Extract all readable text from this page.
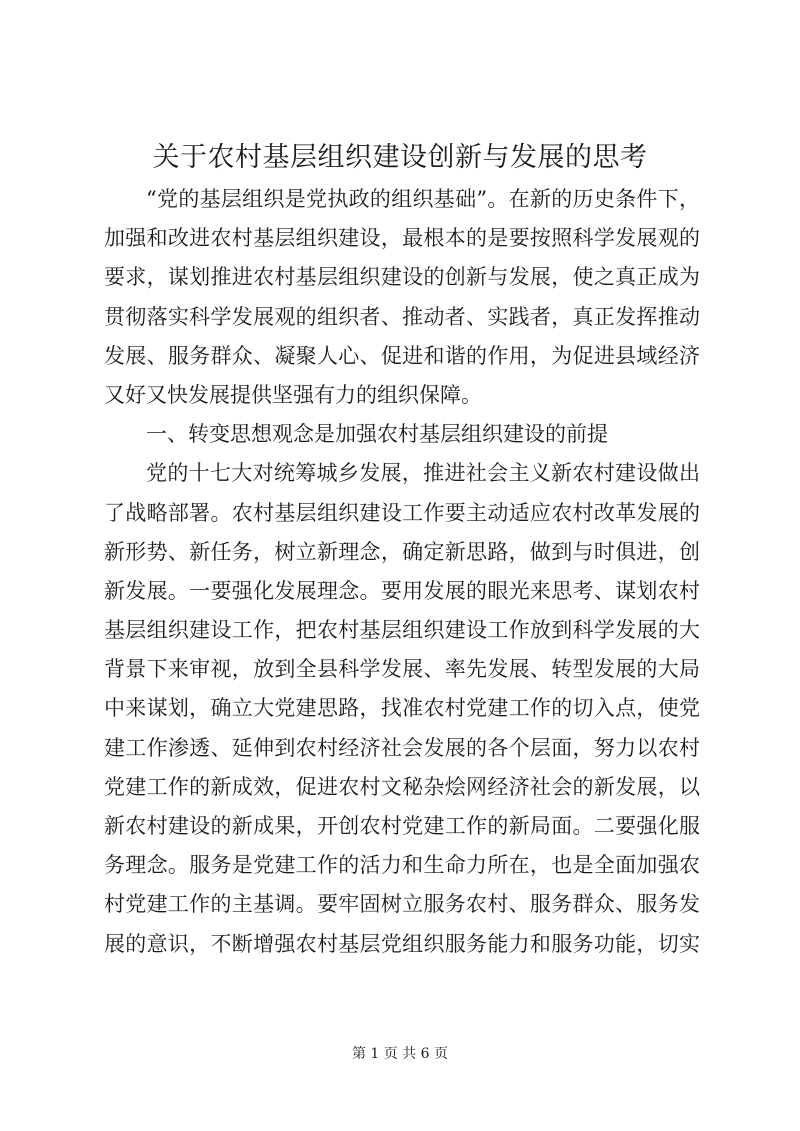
关于农村基层组织建设创新与发展的思考
“党的基层组织是党执政的组织基础”。在新的历史条件下，
加强和改进农村基层组织建设，最根本的是要按照科学发展观的
要求，谋划推进农村基层组织建设的创新与发展，使之真正成为
贯彻落实科学发展观的组织者、推动者、实践者，真正发挥推动
发展、服务群众、凝聚人心、促进和谐的作用，为促进县域经济
又好又快发展提供坚强有力的组织保障。
一、转变思想观念是加强农村基层组织建设的前提
党的十七大对统筹城乡发展，推进社会主义新农村建设做出
了战略部署。农村基层组织建设工作要主动适应农村改革发展的
新形势、新任务，树立新理念，确定新思路，做到与时俱进，创
新发展。一要强化发展理念。要用发展的眼光来思考、谋划农村
基层组织建设工作，把农村基层组织建设工作放到科学发展的大
背景下来审视，放到全县科学发展、率先发展、转型发展的大局
中来谋划，确立大党建思路，找准农村党建工作的切入点，使党
建工作渗透、延伸到农村经济社会发展的各个层面，努力以农村
党建工作的新成效，促进农村文秘杂烩网经济社会的新发展，以
新农村建设的新成果，开创农村党建工作的新局面。二要强化服
务理念。服务是党建工作的活力和生命力所在，也是全面加强农
村党建工作的主基调。要牢固树立服务农村、服务群众、服务发
展的意识，不断增强农村基层党组织服务能力和服务功能，切实
第 1 页 共 6 页
